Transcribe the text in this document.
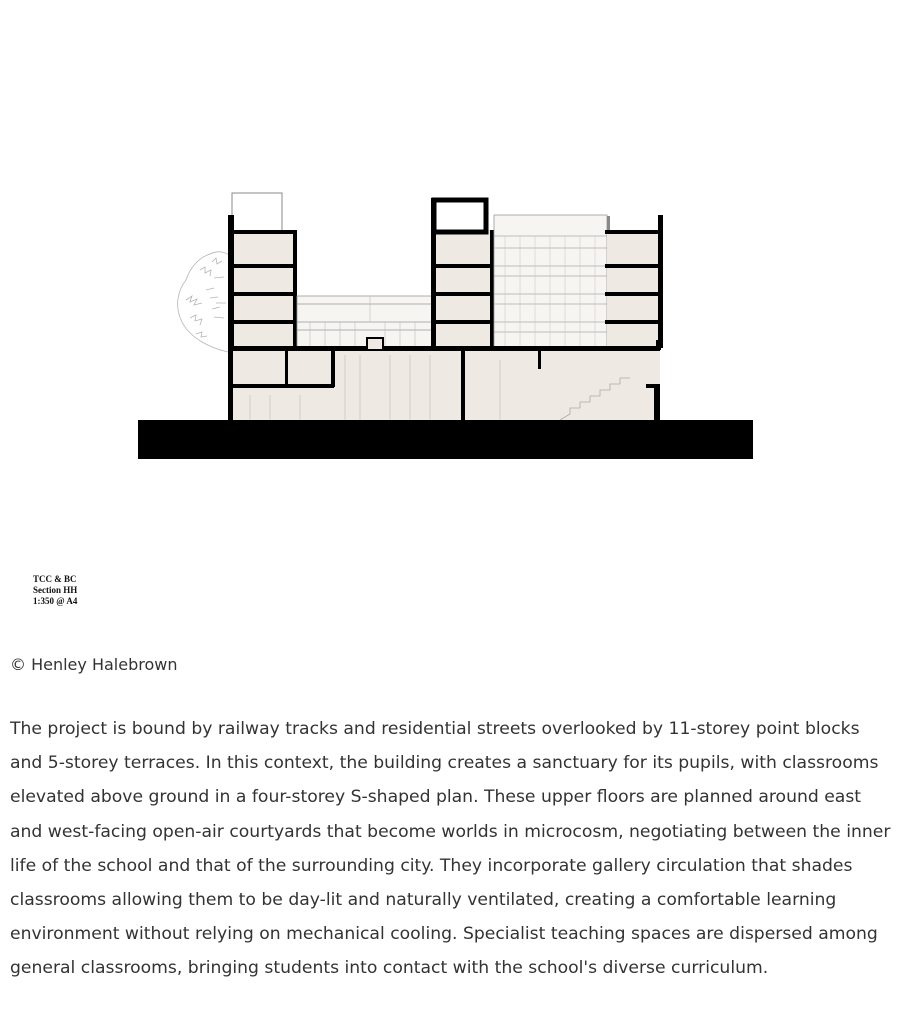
TCC & BC
Section HH
1:350 @ A4
© Henley Halebrown

The project is bound by railway tracks and residential streets overlooked by 11-storey point blocks and 5-storey terraces. In this context, the building creates a sanctuary for its pupils, with classrooms elevated above ground in a four-storey S-shaped plan. These upper floors are planned around east and west-facing open-air courtyards that become worlds in microcosm, negotiating between the inner life of the school and that of the surrounding city. They incorporate gallery circulation that shades classrooms allowing them to be day-lit and naturally ventilated, creating a comfortable learning environment without relying on mechanical cooling. Specialist teaching spaces are dispersed among general classrooms, bringing students into contact with the school's diverse curriculum.
